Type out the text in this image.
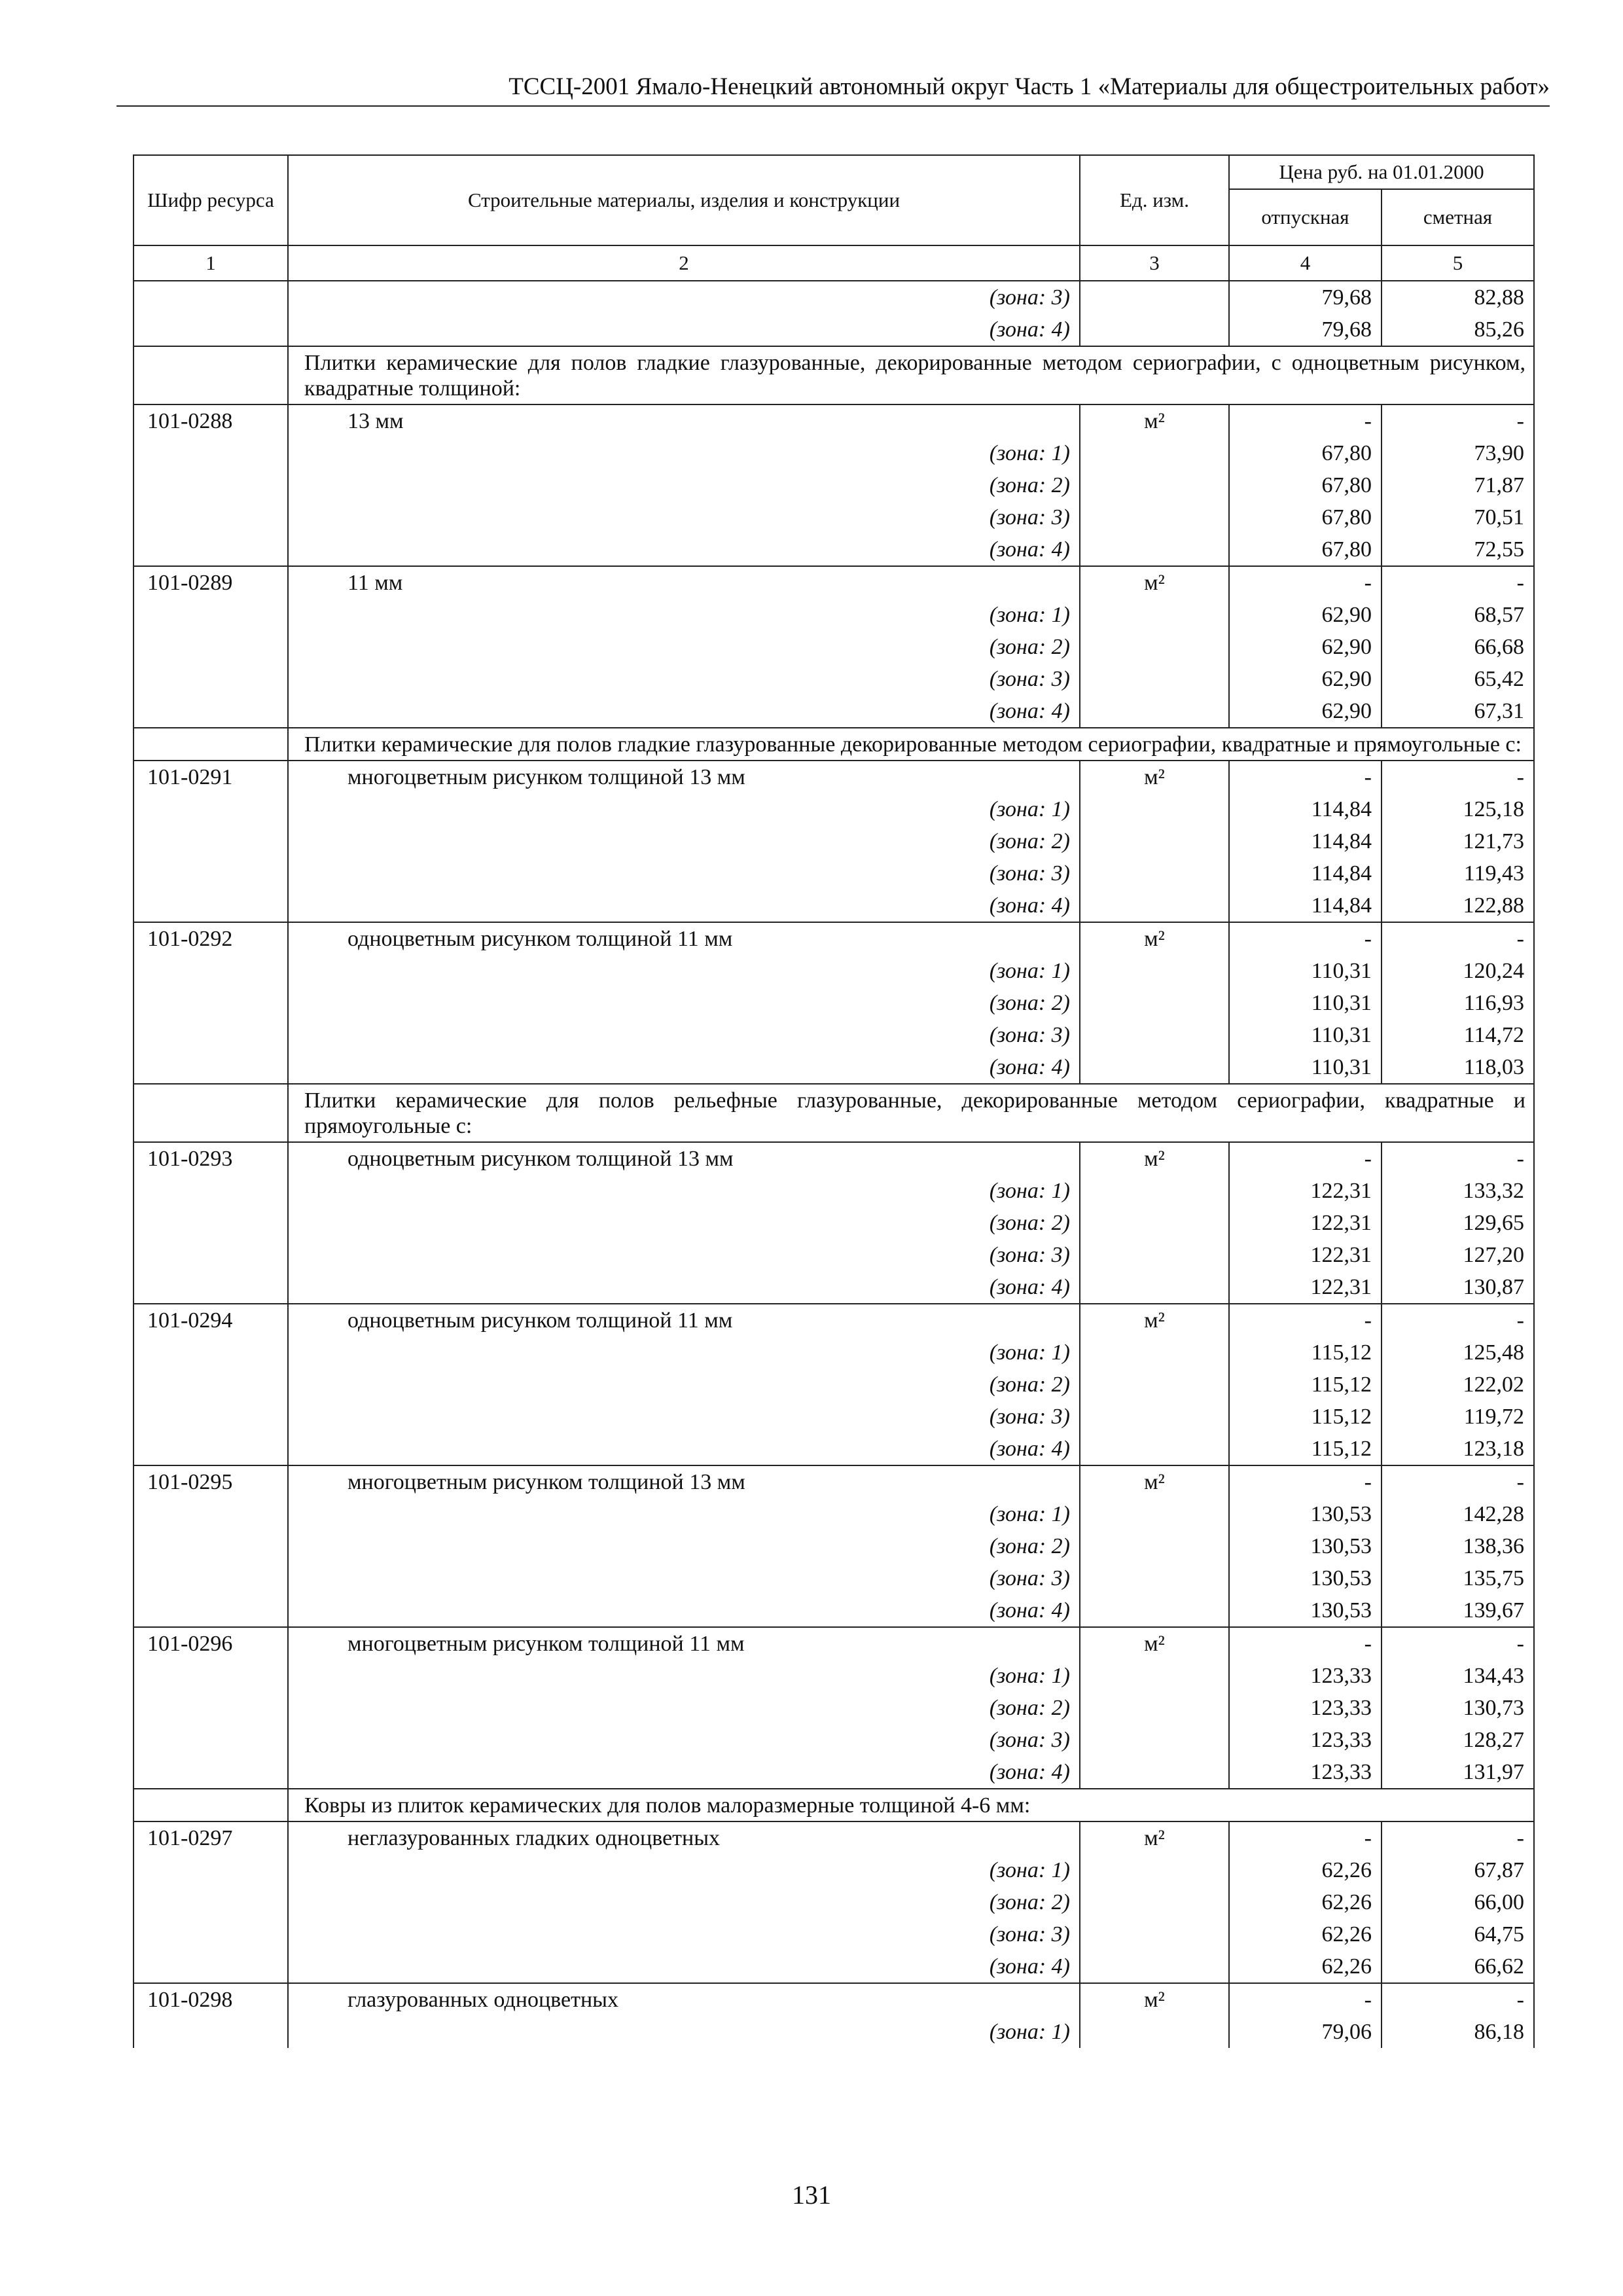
ТССЦ-2001 Ямало-Ненецкий автономный округ Часть 1 «Материалы для общестроительных работ»
Шифр ресурса	Строительные материалы, изделия и конструкции	Ед. изм.	Цена руб. на 01.01.2000	
			отпускная	сметная
1	2	3	4	5
	(зона: 3)		79,68	82,88
	(зона: 4)		79,68	85,26
	Плитки керамические для полов гладкие глазурованные, декорированные методом сериографии, с одноцветным рисунком, квадратные толщиной:			
101-0288	13 мм	м²	-	-
	(зона: 1)		67,80	73,90
	(зона: 2)		67,80	71,87
	(зона: 3)		67,80	70,51
	(зона: 4)		67,80	72,55
101-0289	11 мм	м²	-	-
	(зона: 1)		62,90	68,57
	(зона: 2)		62,90	66,68
	(зона: 3)		62,90	65,42
	(зона: 4)		62,90	67,31
	Плитки керамические для полов гладкие глазурованные декорированные методом сериографии, квадратные и прямоугольные с:			
101-0291	многоцветным рисунком толщиной 13 мм	м²	-	-
	(зона: 1)		114,84	125,18
	(зона: 2)		114,84	121,73
	(зона: 3)		114,84	119,43
	(зона: 4)		114,84	122,88
101-0292	одноцветным рисунком толщиной 11 мм	м²	-	-
	(зона: 1)		110,31	120,24
	(зона: 2)		110,31	116,93
	(зона: 3)		110,31	114,72
	(зона: 4)		110,31	118,03
	Плитки керамические для полов рельефные глазурованные, декорированные методом сериографии, квадратные и прямоугольные с:			
101-0293	одноцветным рисунком толщиной 13 мм	м²	-	-
	(зона: 1)		122,31	133,32
	(зона: 2)		122,31	129,65
	(зона: 3)		122,31	127,20
	(зона: 4)		122,31	130,87
101-0294	одноцветным рисунком толщиной 11 мм	м²	-	-
	(зона: 1)		115,12	125,48
	(зона: 2)		115,12	122,02
	(зона: 3)		115,12	119,72
	(зона: 4)		115,12	123,18
101-0295	многоцветным рисунком толщиной 13 мм	м²	-	-
	(зона: 1)		130,53	142,28
	(зона: 2)		130,53	138,36
	(зона: 3)		130,53	135,75
	(зона: 4)		130,53	139,67
101-0296	многоцветным рисунком толщиной 11 мм	м²	-	-
	(зона: 1)		123,33	134,43
	(зона: 2)		123,33	130,73
	(зона: 3)		123,33	128,27
	(зона: 4)		123,33	131,97
	Ковры из плиток керамических для полов малоразмерные толщиной 4-6 мм:			
101-0297	неглазурованных гладких одноцветных	м²	-	-
	(зона: 1)		62,26	67,87
	(зона: 2)		62,26	66,00
	(зона: 3)		62,26	64,75
	(зона: 4)		62,26	66,62
101-0298	глазурованных одноцветных	м²	-	-
	(зона: 1)		79,06	86,18
131
